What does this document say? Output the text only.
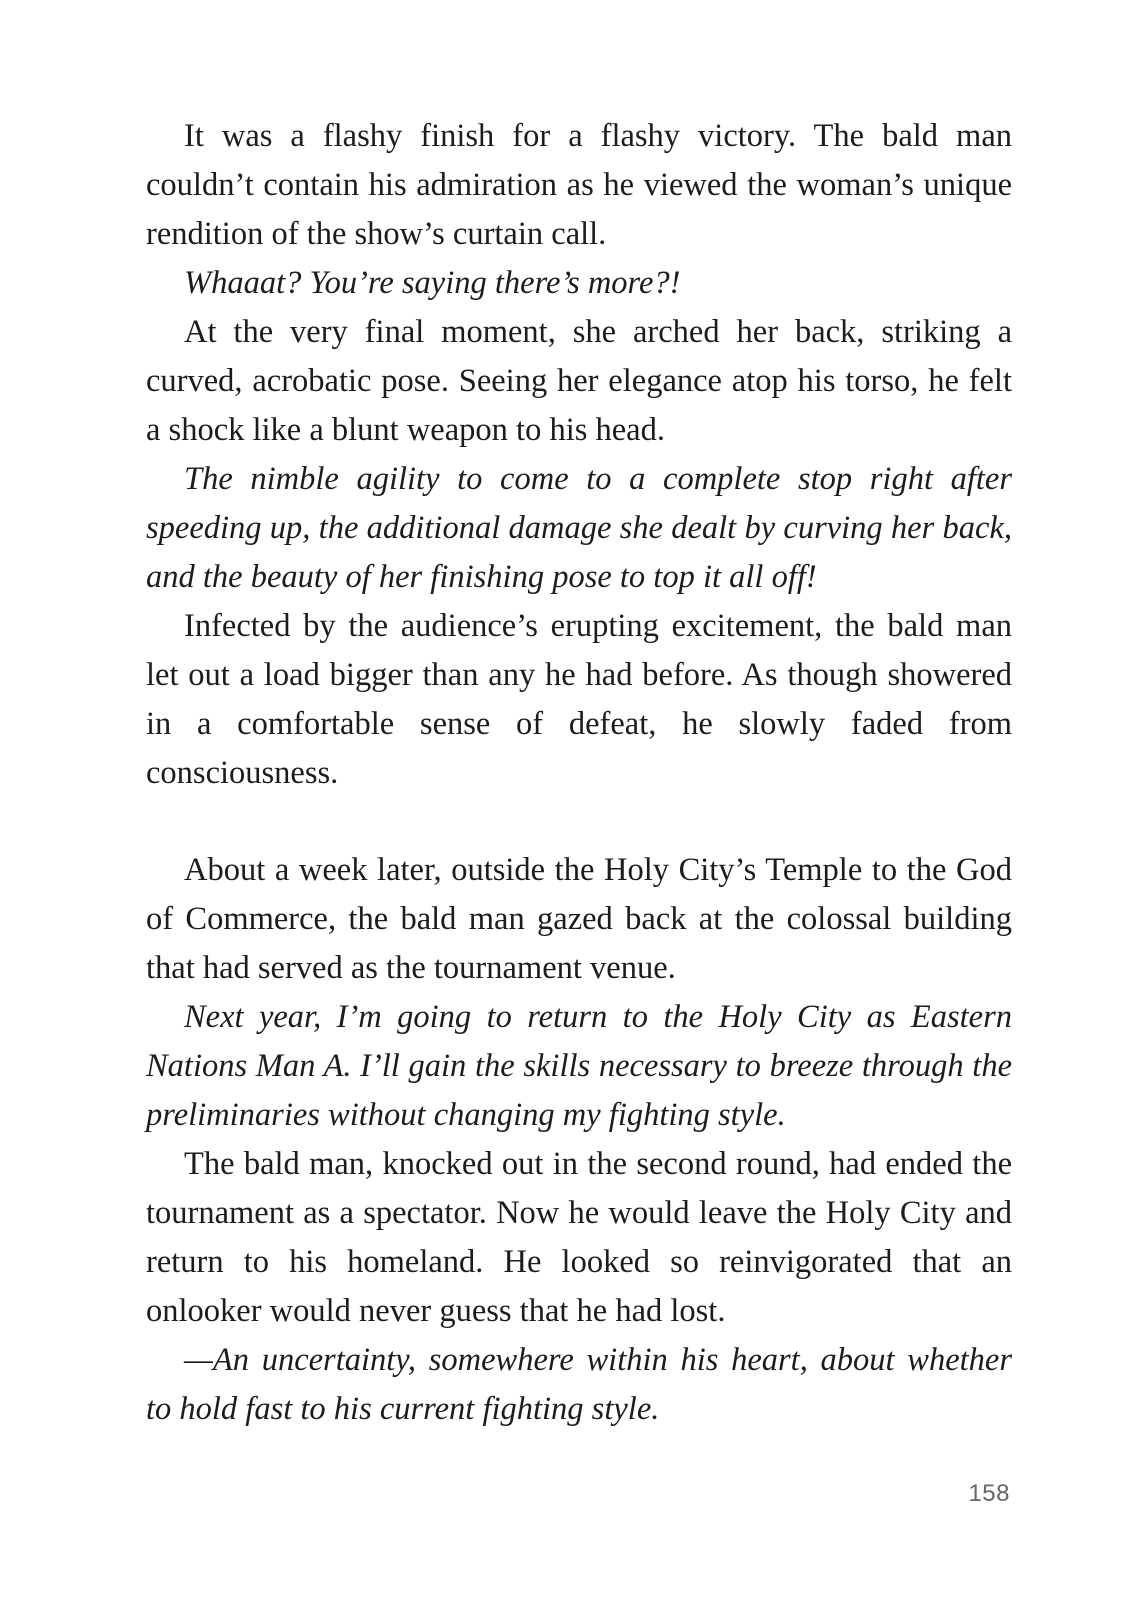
It was a flashy finish for a flashy victory. The bald man couldn’t contain his admiration as he viewed the woman’s unique rendition of the show’s curtain call.

Whaaat? You’re saying there’s more?!

At the very final moment, she arched her back, striking a curved, acrobatic pose. Seeing her elegance atop his torso, he felt a shock like a blunt weapon to his head.

The nimble agility to come to a complete stop right after speeding up, the additional damage she dealt by curving her back, and the beauty of her finishing pose to top it all off!

Infected by the audience’s erupting excitement, the bald man let out a load bigger than any he had before. As though showered in a comfortable sense of defeat, he slowly faded from consciousness.

About a week later, outside the Holy City’s Temple to the God of Commerce, the bald man gazed back at the colossal building that had served as the tournament venue.

Next year, I’m going to return to the Holy City as Eastern Nations Man A. I’ll gain the skills necessary to breeze through the preliminaries without changing my fighting style.

The bald man, knocked out in the second round, had ended the tournament as a spectator. Now he would leave the Holy City and return to his homeland. He looked so reinvigorated that an onlooker would never guess that he had lost.

—An uncertainty, somewhere within his heart, about whether to hold fast to his current fighting style.

158
